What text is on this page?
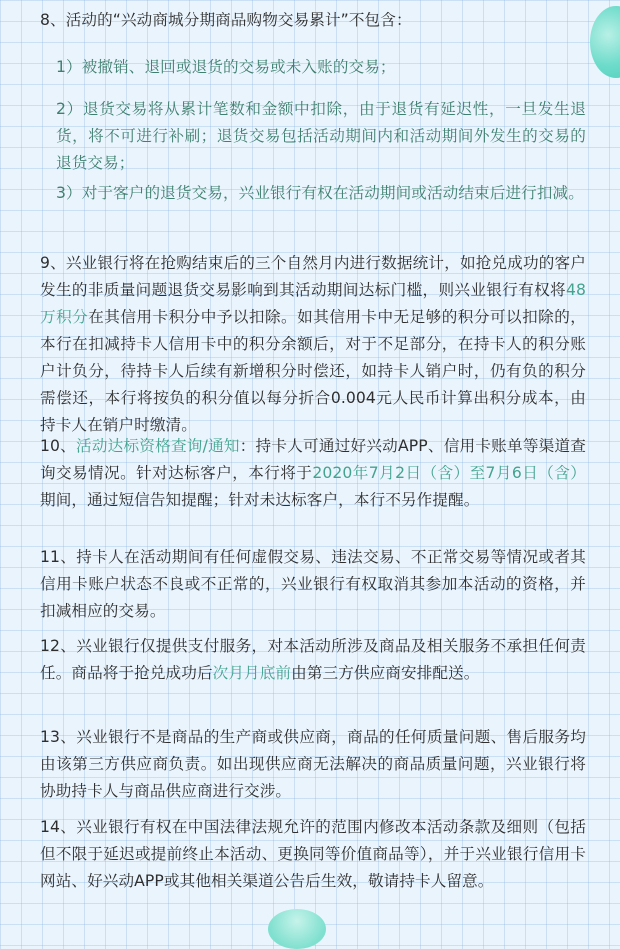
8、活动的“兴动商城分期商品购物交易累计”不包含：

1）被撤销、退回或退货的交易或未入账的交易；

2）退货交易将从累计笔数和金额中扣除，由于退货有延迟性，一旦发生退货，将不可进行补刷；退货交易包括活动期间内和活动期间外发生的交易的退货交易；

3）对于客户的退货交易，兴业银行有权在活动期间或活动结束后进行扣减。

9、兴业银行将在抢购结束后的三个自然月内进行数据统计，如抢兑成功的客户发生的非质量问题退货交易影响到其活动期间达标门槛，则兴业银行有权将48万积分在其信用卡积分中予以扣除。如其信用卡中无足够的积分可以扣除的，本行在扣减持卡人信用卡中的积分余额后，对于不足部分，在持卡人的积分账户计负分，待持卡人后续有新增积分时偿还，如持卡人销户时，仍有负的积分需偿还，本行将按负的积分值以每分折合0.004元人民币计算出积分成本，由持卡人在销户时缴清。

10、活动达标资格查询/通知：持卡人可通过好兴动APP、信用卡账单等渠道查询交易情况。针对达标客户，本行将于2020年7月2日（含）至7月6日（含）期间，通过短信告知提醒；针对未达标客户，本行不另作提醒。

11、持卡人在活动期间有任何虚假交易、违法交易、不正常交易等情况或者其信用卡账户状态不良或不正常的，兴业银行有权取消其参加本活动的资格，并扣减相应的交易。

12、兴业银行仅提供支付服务，对本活动所涉及商品及相关服务不承担任何责任。商品将于抢兑成功后次月月底前由第三方供应商安排配送。

13、兴业银行不是商品的生产商或供应商，商品的任何质量问题、售后服务均由该第三方供应商负责。如出现供应商无法解决的商品质量问题，兴业银行将协助持卡人与商品供应商进行交涉。

14、兴业银行有权在中国法律法规允许的范围内修改本活动条款及细则（包括但不限于延迟或提前终止本活动、更换同等价值商品等），并于兴业银行信用卡网站、好兴动APP或其他相关渠道公告后生效，敬请持卡人留意。
